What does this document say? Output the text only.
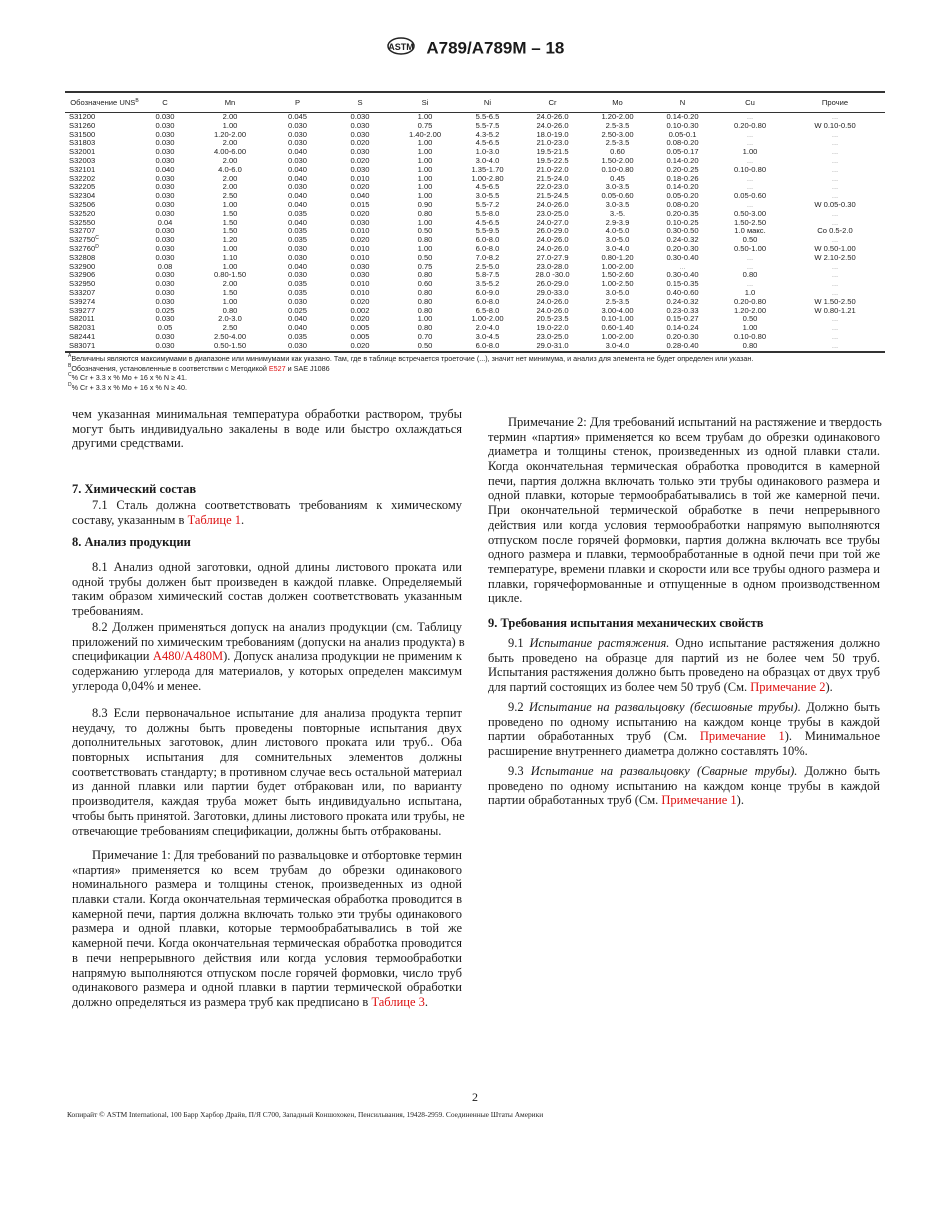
ASTM A789/A789M – 18
Обозначение $UNS^B$	C	Mn	P	S	Si	Ni	Cr	Mo	N	Cu	Прочие
S31200	0.030	2.00	0.045	0.030	1.00	5.5-6.5	24.0-26.0	1.20-2.00	0.14-0.20	...	...
S31260	0.030	1.00	0.030	0.030	0.75	5.5-7.5	24.0-26.0	2.5-3.5	0.10-0.30	0.20-0.80	W 0.10-0.50
S31500	0.030	1.20-2.00	0.030	0.030	1.40-2.00	4.3-5.2	18.0-19.0	2.50-3.00	0.05-0.1	...	...
S31803	0.030	2.00	0.030	0.020	1.00	4.5-6.5	21.0-23.0	2.5-3.5	0.08-0.20	...	...
S32001	0.030	4.00-6.00	0.040	0.030	1.00	1.0-3.0	19.5-21.5	0.60	0.05-0.17	1.00	...
S32003	0.030	2.00	0.030	0.020	1.00	3.0-4.0	19.5-22.5	1.50-2.00	0.14-0.20	...	...
S32101	0.040	4.0-6.0	0.040	0.030	1.00	1.35-1.70	21.0-22.0	0.10-0.80	0.20-0.25	0.10-0.80	...
S32202	0.030	2.00	0.040	0.010	1.00	1.00-2.80	21.5-24.0	0.45	0.18-0.26	...	...
S32205	0.030	2.00	0.030	0.020	1.00	4.5-6.5	22.0-23.0	3.0-3.5	0.14-0.20	...	...
S32304	0.030	2.50	0.040	0.040	1.00	3.0-5.5	21.5-24.5	0.05-0.60	0.05-0.20	0.05-0.60	...
S32506	0.030	1.00	0.040	0.015	0.90	5.5-7.2	24.0-26.0	3.0-3.5	0.08-0.20	...	W 0.05-0.30
S32520	0.030	1.50	0.035	0.020	0.80	5.5-8.0	23.0-25.0	3.-5.	0.20-0.35	0.50-3.00	...
S32550	0.04	1.50	0.040	0.030	1.00	4.5-6.5	24.0-27.0	2.9-3.9	0.10-0.25	1.50-2.50	...
S32707	0.030	1.50	0.035	0.010	0.50	5.5-9.5	26.0-29.0	4.0-5.0	0.30-0.50	1.0 макс.	Co 0.5-2.0
$S32750^C$	0.030	1.20	0.035	0.020	0.80	6.0-8.0	24.0-26.0	3.0-5.0	0.24-0.32	0.50	...
$S32760^D$	0.030	1.00	0.030	0.010	1.00	6.0-8.0	24.0-26.0	3.0-4.0	0.20-0.30	0.50-1.00	W 0.50-1.00
S32808	0.030	1.10	0.030	0.010	0.50	7.0-8.2	27.0-27.9	0.80-1.20	0.30-0.40	...	W 2.10-2.50
S32900	0.08	1.00	0.040	0.030	0.75	2.5-5.0	23.0-28.0	1.00-2.00	...	...	...
S32906	0.030	0.80-1.50	0.030	0.030	0.80	5.8-7.5	28.0 -30.0	1.50-2.60	0.30-0.40	0.80	...
S32950	0.030	2.00	0.035	0.010	0.60	3.5-5.2	26.0-29.0	1.00-2.50	0.15-0.35	...	...
S33207	0.030	1.50	0.035	0.010	0.80	6.0-9.0	29.0-33.0	3.0-5.0	0.40-0.60	1.0	...
S39274	0.030	1.00	0.030	0.020	0.80	6.0-8.0	24.0-26.0	2.5-3.5	0.24-0.32	0.20-0.80	W 1.50-2.50
S39277	0.025	0.80	0.025	0.002	0.80	6.5-8.0	24.0-26.0	3.00-4.00	0.23-0.33	1.20-2.00	W 0.80-1.21
S82011	0.030	2.0-3.0	0.040	0.020	1.00	1.00-2.00	20.5-23.5	0.10-1.00	0.15-0.27	0.50	...
S82031	0.05	2.50	0.040	0.005	0.80	2.0-4.0	19.0-22.0	0.60-1.40	0.14-0.24	1.00	...
S82441	0.030	2.50-4.00	0.035	0.005	0.70	3.0-4.5	23.0-25.0	1.00-2.00	0.20-0.30	0.10-0.80	...
S83071	0.030	0.50-1.50	0.030	0.020	0.50	6.0-8.0	29.0-31.0	3.0-4.0	0.28-0.40	0.80	...
$^A$Величины являются максимумами в диапазоне или минимумами как указано. Там, где в таблице встречается троеточие (...), значит нет минимума, и анализ для элемента не будет определен или указан.
$^B$Обозначения, установленные в соответствии с Методикой E527 и SAE J1086
$^C$% Cr + 3.3 x % Mo + 16 x % N ≥ 41.
$^D$% Cr + 3.3 x % Mo + 16 x % N ≥ 40.
чем указанная минимальная температура обработки раствором, трубы
могут быть индивидуально закалены в воде или быстро охлаждаться
другими средствами.
7. Химический состав
7.1 Сталь должна соответствовать требованиям к химическому
составу, указанным в Таблице 1.
8. Анализ продукции
8.1 Анализ одной заготовки, одной длины листового проката или
одной трубы должен быт произведен в каждой плавке. Определяемый
таким образом химический состав должен соответствовать указанным
требованиям.
8.2 Должен применяться допуск на анализ продукции (см. Таблицу
приложений по химическим требованиям (допуски на анализ продукта) в
спецификации A480/A480M). Допуск анализа продукции не применим к
содержанию углерода для материалов, у которых определен максимум
углерода 0,04% и менее.
8.3 Если первоначальное испытание для анализа продукта терпит
неудачу, то должны быть проведены повторные испытания двух
дополнительных заготовок, длин листового проката или труб.. Оба
повторных испытания для сомнительных элементов должны
соответствовать стандарту; в противном случае весь остальной материал
из данной плавки или партии будет отбракован или, по варианту
производителя, каждая труба может быть индивидуально испытана,
чтобы быть принятой. Заготовки, длины листового проката или трубы, не
отвечающие требованиям спецификации, должны быть отбракованы.
Примечание 1: Для требований по развальцовке и отбортовке термин
«партия» применяется ко всем трубам до обрезки одинакового
номинального размера и толщины стенок, произведенных из одной
плавки стали. Когда окончательная термическая обработка проводится в
камерной печи, партия должна включать только эти трубы одинакового
размера и одной плавки, которые термообрабатывались в той же
камерной печи. Когда окончательная термическая обработка проводится
в печи непрерывного действия или когда условия термообработки
напрямую выполняются отпуском после горячей формовки, число труб
одинакового размера и одной плавки в партии термической обработки
должно определяться из размера труб как предписано в Таблице 3.
Примечание 2: Для требований испытаний на растяжение и твердость
термин «партия» применяется ко всем трубам до обрезки одинакового
диаметра и толщины стенок, произведенных из одной плавки стали.
Когда окончательная термическая обработка проводится в камерной
печи, партия должна включать только эти трубы одинакового размера и
одной плавки, которые термообрабатывались в той же камерной печи.
При окончательной термической обработке в печи непрерывного
действия или когда условия термообработки напрямую выполняются
отпуском после горячей формовки, партия должна включать все трубы
одного размера и плавки, термообработанные в одной печи при той же
температуре, времени плавки и скорости или все трубы одного размера и
плавки, горячеформованные и отпущенные в одном производственном
цикле.
9. Требования испытания механических свойств
9.1 Испытание растяжения. Одно испытание растяжения должно
быть проведено на образце для партий из не более чем 50 труб.
Испытания растяжения должно быть проведено на образцах от двух труб
для партий состоящих из более чем 50 труб (См. Примечание 2).
9.2 Испытание на развальцовку (бесшовные трубы). Должно быть
проведено по одному испытанию на каждом конце трубы в каждой
партии обработанных труб (См. Примечание 1). Минимальное
расширение внутреннего диаметра должно составлять 10%.
9.3 Испытание на развальцовку (Сварные трубы). Должно быть
проведено по одному испытанию на каждом конце трубы в каждой
партии обработанных труб (См. Примечание 1).
2
Копирайт © ASTM International, 100 Барр Харбор Драйв, П/Я C700, Западный Коншохокен, Пенсильвания, 19428-2959. Соединенные Штаты Америки
